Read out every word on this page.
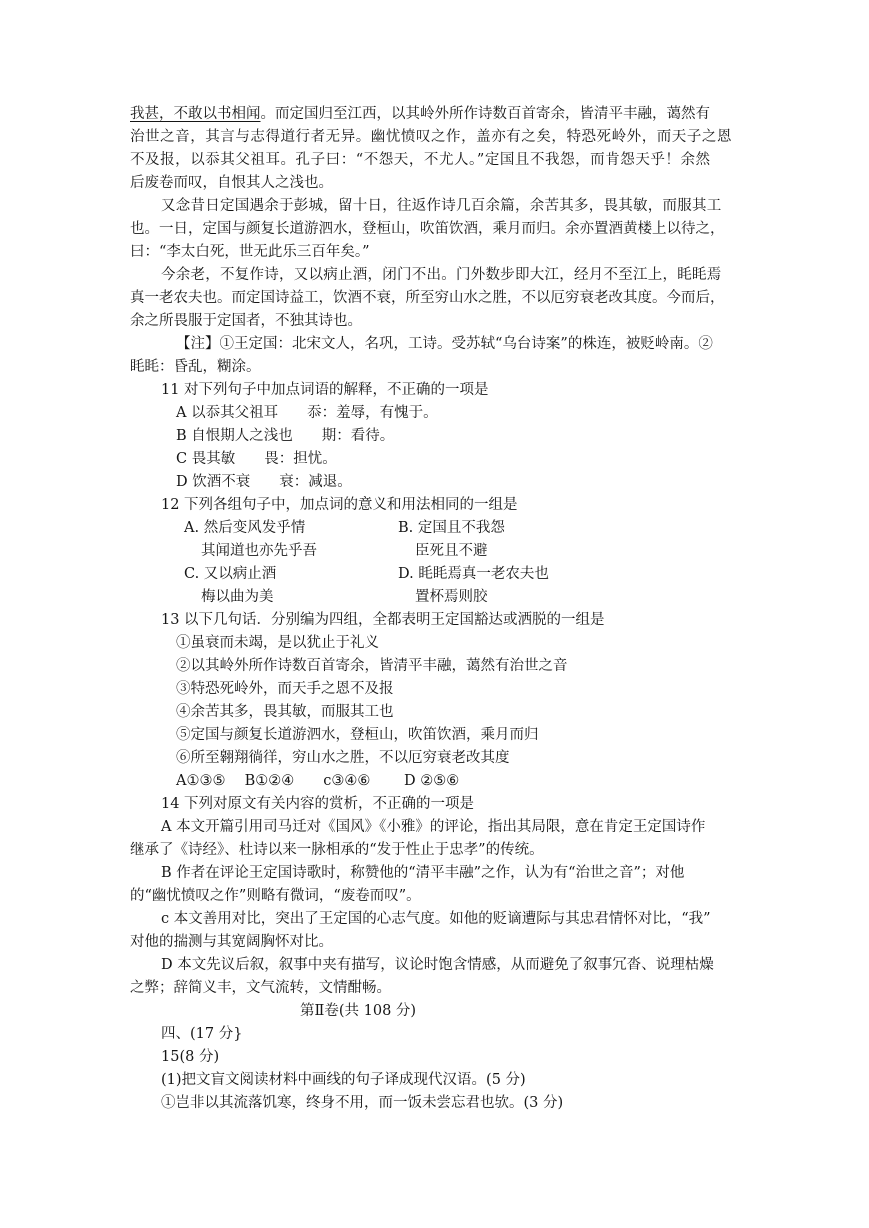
我甚，不敢以书相闻。而定国归至江西，以其岭外所作诗数百首寄余，皆清平丰融，蔼然有
治世之音，其言与志得道行者无异。幽忧愤叹之作，盖亦有之矣，特恐死岭外，而天子之恩
不及报，以忝其父祖耳。孔子曰：“不怨天，不尤人。”定国且不我怨，而肯怨天乎！余然
后废卷而叹，自恨其人之浅也。
又念昔日定国遇余于彭城，留十日，往返作诗几百余篇，余苦其多，畏其敏，而服其工
也。一日，定国与颜复长道游泗水，登桓山，吹笛饮酒，乘月而归。余亦置酒黄楼上以待之，
曰：“李太白死，世无此乐三百年矣。”
今余老，不复作诗，又以病止酒，闭门不出。门外数步即大江，经月不至江上，眊眊焉
真一老农夫也。而定国诗益工，饮酒不衰，所至穷山水之胜，不以厄穷衰老改其度。今而后，
余之所畏服于定国者，不独其诗也。
【注】①王定国：北宋文人，名巩，工诗。受苏轼“乌台诗案”的株连，被贬岭南。②
眊眊：昏乱，糊涂。
11 对下列句子中加点词语的解释，不正确的一项是
A 以忝其父祖耳　　忝：羞辱，有愧于。
B 自恨期人之浅也　　期：看待。
C 畏其敏　　畏：担忧。
D 饮酒不衰　　衰：减退。
12 下列各组句子中，加点词的意义和用法相同的一组是
A. 然后变风发乎情	B. 定国且不我怨
其闻道也亦先乎吾	臣死且不避
C. 又以病止酒	D. 眊眊焉真一老农夫也
梅以曲为美	置杯焉则胶
13 以下几句话．分别编为四组，全都表明王定国豁达或洒脱的一组是
①虽衰而未竭，是以犹止于礼义
②以其岭外所作诗数百首寄余，皆清平丰融，蔼然有治世之音
③特恐死岭外，而天手之恩不及报
④余苦其多，畏其敏，而服其工也
⑤定国与颜复长道游泗水，登桓山，吹笛饮酒，乘月而归
⑥所至翱翔徜徉，穷山水之胜，不以厄穷衰老改其度
A①③⑤　 B①②④　　c③④⑥　　 D ②⑤⑥
14 下列对原文有关内容的赏析，不正确的一项是
A 本文开篇引用司马迁对《国风》《小雅》的评论，指出其局限，意在肯定王定国诗作
继承了《诗经》、杜诗以来一脉相承的“发于性止于忠孝”的传统。
B 作者在评论王定国诗歌时，称赞他的“清平丰融”之作，认为有“治世之音”；对他
的“幽忧愤叹之作”则略有微词，“废卷而叹”。
c 本文善用对比，突出了王定国的心志气度。如他的贬谪遭际与其忠君情怀对比，“我”
对他的揣测与其宽阔胸怀对比。
D 本文先议后叙，叙事中夹有描写，议论时饱含情感，从而避免了叙事冗沓、说理枯燥
之弊；辞简义丰，文气流转，文情酣畅。
第Ⅱ卷(共 108 分)
四、(17 分}
15(8 分)
(1)把文盲文阅读材料中画线的句子译成现代汉语。(5 分)
①岂非以其流落饥寒，终身不用，而一饭未尝忘君也欤。(3 分)
